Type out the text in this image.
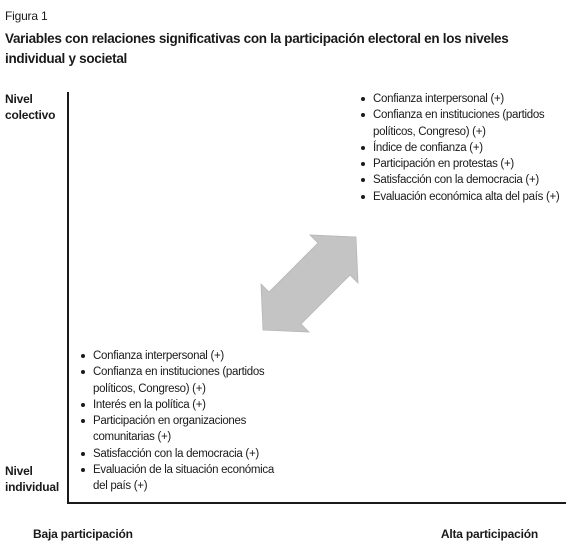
Figura 1
Variables con relaciones significativas con la participación electoral en los niveles individual y societal
Nivel
colectivo
Nivel
individual
Baja participación	Alta participación
Confianza interpersonal (+)
Confianza en instituciones (partidos políticos, Congreso) (+)
Índice de confianza (+)
Participación en protestas (+)
Satisfacción con la democracia (+)
Evaluación económica alta del país (+)
Confianza interpersonal (+)
Confianza en instituciones (partidos políticos, Congreso) (+)
Interés en la política (+)
Participación en organizaciones comunitarias (+)
Satisfacción con la democracia (+)
Evaluación de la situación económica del país (+)
